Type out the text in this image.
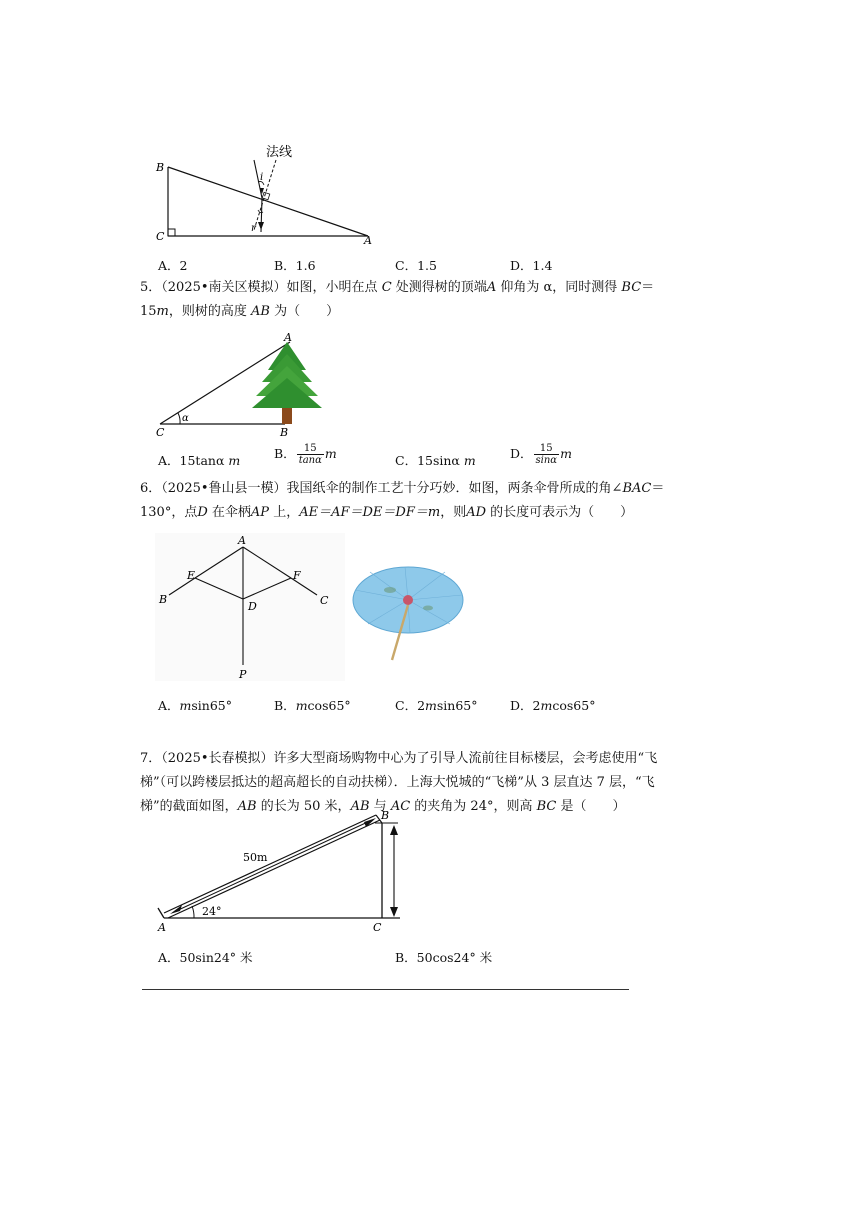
法线
B
C	A
i
r
A．2	B．1.6	C．1.5	D．1.4
5．（2025•南关区模拟）如图，小明在点 C 处测得树的顶端A 仰角为 α，同时测得 BC＝15m，则树的高度 AB 为（　　）
A
C	B
α
A．15tanα m	B． $\frac{15}{\tan\alpha}$ m	C．15sinα m	D． $\frac{15}{\sin\alpha}$ m
6．（2025•鲁山县一模）我国纸伞的制作工艺十分巧妙．如图，两条伞骨所成的角∠BAC＝130°，点D 在伞柄AP 上，AE＝AF＝DE＝DF＝m，则AD 的长度可表示为（　　）
A
E	F
B	C
D
P
A．msin65°	B．mcos65°	C．2msin65°	D．2mcos65°
7．（2025•长春模拟）许多大型商场购物中心为了引导人流前往目标楼层，会考虑使用“飞梯”（可以跨楼层抵达的超高超长的自动扶梯）．上海大悦城的“飞梯”从 3 层直达 7 层，“飞梯”的截面如图，AB 的长为 50 米，AB 与 AC 的夹角为 24°，则高 BC 是（　　）
50m
24°
A	C
B
A．50sin24° 米	B．50cos24° 米
